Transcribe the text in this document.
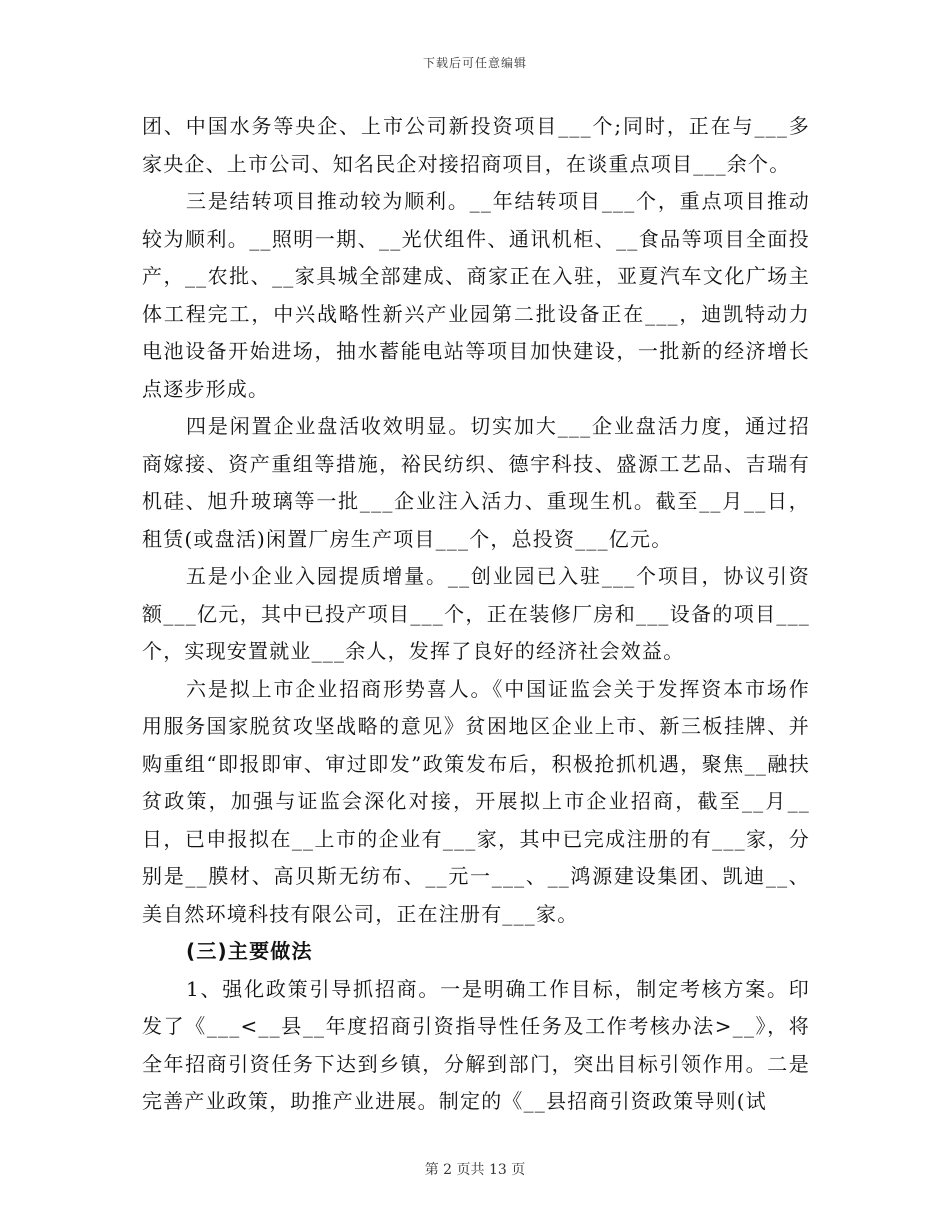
下载后可任意编辑

团、中国水务等央企、上市公司新投资项目___个;同时，正在与___多家央企、上市公司、知名民企对接招商项目，在谈重点项目___余个。

三是结转项目推动较为顺利。__年结转项目___个，重点项目推动较为顺利。__照明一期、__光伏组件、通讯机柜、__食品等项目全面投产，__农批、__家具城全部建成、商家正在入驻，亚夏汽车文化广场主体工程完工，中兴战略性新兴产业园第二批设备正在___，迪凯特动力电池设备开始进场，抽水蓄能电站等项目加快建设，一批新的经济增长点逐步形成。

四是闲置企业盘活收效明显。切实加大___企业盘活力度，通过招商嫁接、资产重组等措施，裕民纺织、德宇科技、盛源工艺品、吉瑞有机硅、旭升玻璃等一批___企业注入活力、重现生机。截至__月__日，租赁(或盘活)闲置厂房生产项目___个，总投资___亿元。

五是小企业入园提质增量。__创业园已入驻___个项目，协议引资额___亿元，其中已投产项目___个，正在装修厂房和___设备的项目___个，实现安置就业___余人，发挥了良好的经济社会效益。

六是拟上市企业招商形势喜人。《中国证监会关于发挥资本市场作用服务国家脱贫攻坚战略的意见》贫困地区企业上市、新三板挂牌、并购重组“即报即审、审过即发”政策发布后，积极抢抓机遇，聚焦__融扶贫政策，加强与证监会深化对接，开展拟上市企业招商，截至__月__日，已申报拟在__上市的企业有___家，其中已完成注册的有___家，分别是__膜材、高贝斯无纺布、__元一___、__鸿源建设集团、凯迪__、美自然环境科技有限公司，正在注册有___家。

(三)主要做法

1、强化政策引导抓招商。一是明确工作目标，制定考核方案。印发了《___<__县__年度招商引资指导性任务及工作考核办法>__》，将全年招商引资任务下达到乡镇，分解到部门，突出目标引领作用。二是完善产业政策，助推产业进展。制定的《__县招商引资政策导则(试

第 2 页共 13 页
